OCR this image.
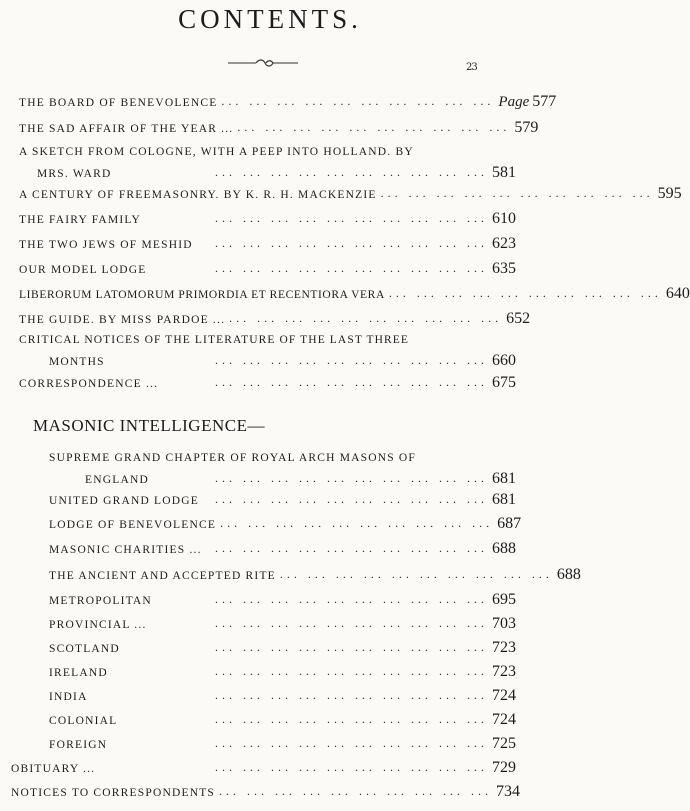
CONTENTS.
23
THE BOARD OF BENEVOLENCE ... ... ... ... ... ... ... ... ... ... Page 577
THE SAD AFFAIR OF THE YEAR ... ... ... ... ... ... ... ... ... ... ... 579
A SKETCH FROM COLOGNE, WITH A PEEP INTO HOLLAND. BY
MRS. WARD	... ... ... ... ... ... ... ... ... ... 581
A CENTURY OF FREEMASONRY. BY K. R. H. MACKENZIE ... ... ... ... ... ... ... ... ... ... 595
THE FAIRY FAMILY	... ... ... ... ... ... ... ... ... ... 610
THE TWO JEWS OF MESHID	... ... ... ... ... ... ... ... ... ... 623
OUR MODEL LODGE	... ... ... ... ... ... ... ... ... ... 635
LIBERORUM LATOMORUM PRIMORDIA ET RECENTIORA VERA ... ... ... ... ... ... ... ... ... ... 640
THE GUIDE. BY MISS PARDOE ... ... ... ... ... ... ... ... ... ... ... 652
CRITICAL NOTICES OF THE LITERATURE OF THE LAST THREE
MONTHS	... ... ... ... ... ... ... ... ... ... 660
CORRESPONDENCE ...	... ... ... ... ... ... ... ... ... ... 675
MASONIC INTELLIGENCE—
SUPREME GRAND CHAPTER OF ROYAL ARCH MASONS OF
ENGLAND	... ... ... ... ... ... ... ... ... ... 681
UNITED GRAND LODGE	... ... ... ... ... ... ... ... ... ... 681
LODGE OF BENEVOLENCE ... ... ... ... ... ... ... ... ... ... 687
MASONIC CHARITIES ...	... ... ... ... ... ... ... ... ... ... 688
THE ANCIENT AND ACCEPTED RITE ... ... ... ... ... ... ... ... ... ... 688
METROPOLITAN	... ... ... ... ... ... ... ... ... ... 695
PROVINCIAL ...	... ... ... ... ... ... ... ... ... ... 703
SCOTLAND	... ... ... ... ... ... ... ... ... ... 723
IRELAND	... ... ... ... ... ... ... ... ... ... 723
INDIA	... ... ... ... ... ... ... ... ... ... 724
COLONIAL	... ... ... ... ... ... ... ... ... ... 724
FOREIGN	... ... ... ... ... ... ... ... ... ... 725
OBITUARY ...	... ... ... ... ... ... ... ... ... ... 729
NOTICES TO CORRESPONDENTS ... ... ... ... ... ... ... ... ... ... 734
